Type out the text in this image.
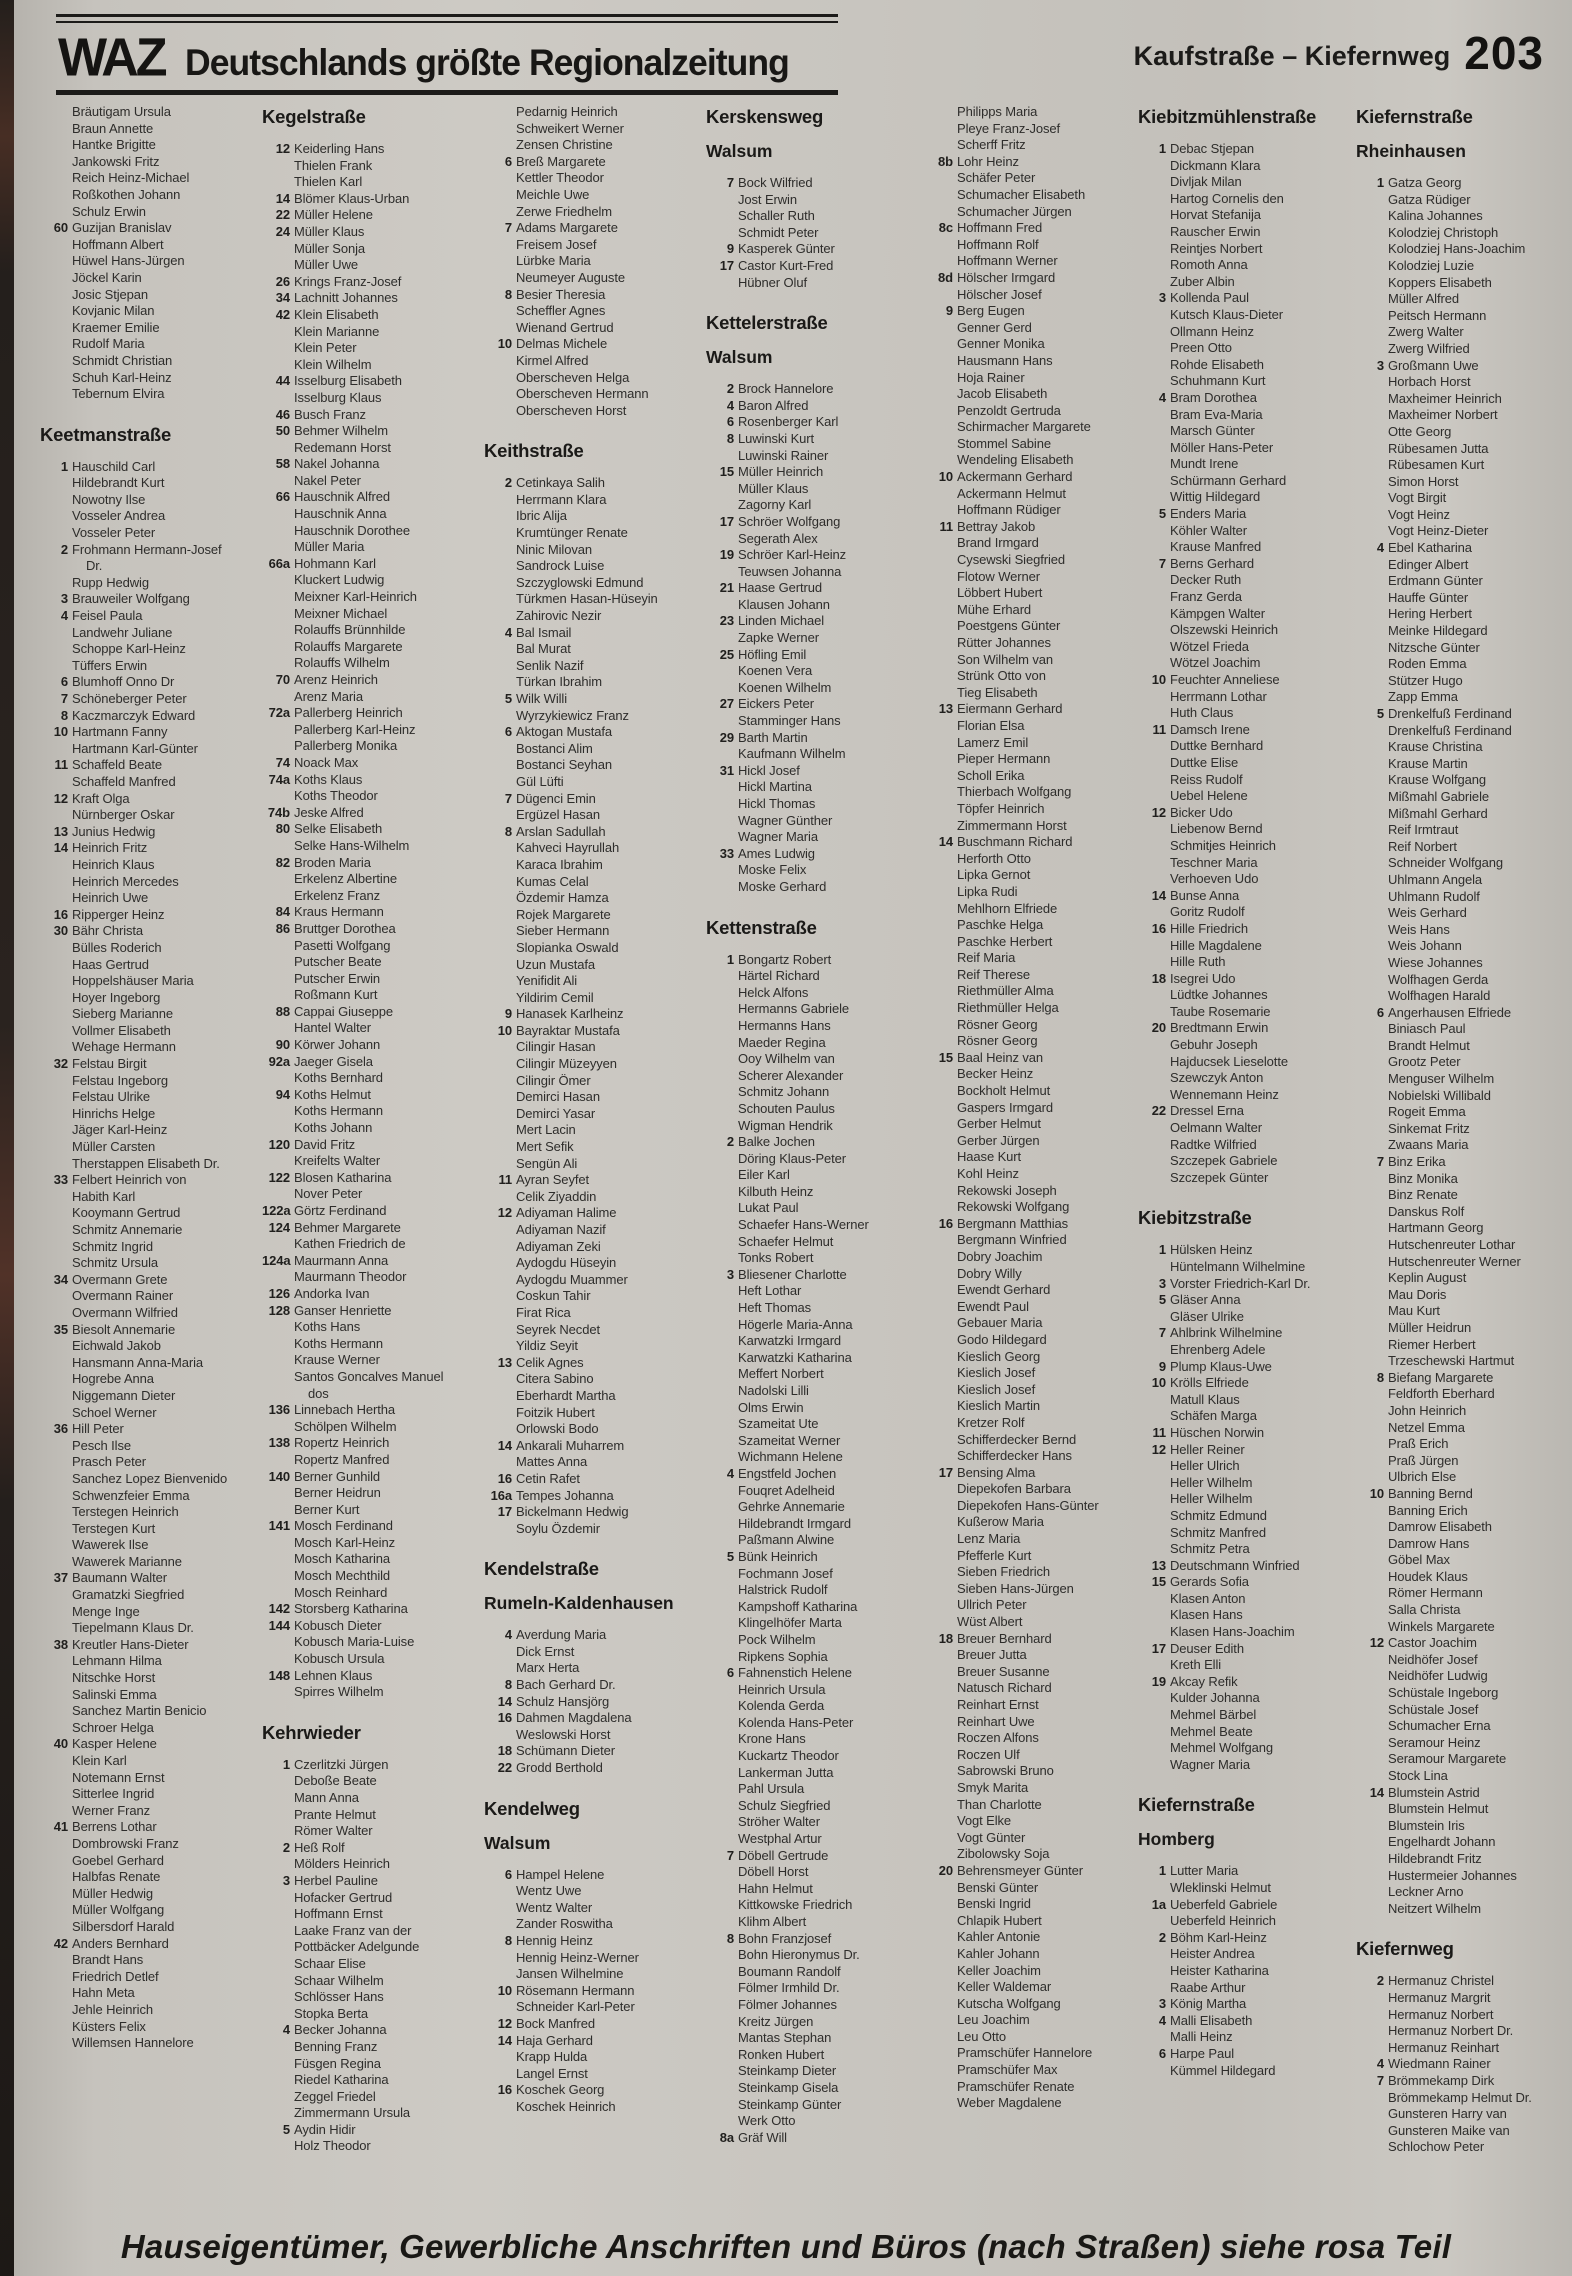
WAZ Deutschlands größte Regionalzeitung	Kaufstraße – Kiefernweg 203
Bräutigam Ursula
Braun Annette
Hantke Brigitte
Jankowski Fritz
Reich Heinz-Michael
Roßkothen Johann
Schulz Erwin
60 Guzijan Branislav
Hoffmann Albert
Hüwel Hans-Jürgen
Jöckel Karin
Josic Stjepan
Kovjanic Milan
Kraemer Emilie
Rudolf Maria
Schmidt Christian
Schuh Karl-Heinz
Tebernum Elvira
Keetmanstraße
1 Hauschild Carl
Hildebrandt Kurt
Nowotny Ilse
Vosseler Andrea
Vosseler Peter
2 Frohmann Hermann-Josef
Dr.
Rupp Hedwig
3 Brauweiler Wolfgang
4 Feisel Paula
Landwehr Juliane
Schoppe Karl-Heinz
Tüffers Erwin
6 Blumhoff Onno Dr
7 Schöneberger Peter
8 Kaczmarczyk Edward
10 Hartmann Fanny
Hartmann Karl-Günter
11 Schaffeld Beate
Schaffeld Manfred
12 Kraft Olga
Nürnberger Oskar
13 Junius Hedwig
14 Heinrich Fritz
Heinrich Klaus
Heinrich Mercedes
Heinrich Uwe
16 Ripperger Heinz
30 Bähr Christa
Bülles Roderich
Haas Gertrud
Hoppelshäuser Maria
Hoyer Ingeborg
Sieberg Marianne
Vollmer Elisabeth
Wehage Hermann
32 Felstau Birgit
Felstau Ingeborg
Felstau Ulrike
Hinrichs Helge
Jäger Karl-Heinz
Müller Carsten
Therstappen Elisabeth Dr.
33 Felbert Heinrich von
Habith Karl
Kooymann Gertrud
Schmitz Annemarie
Schmitz Ingrid
Schmitz Ursula
34 Overmann Grete
Overmann Rainer
Overmann Wilfried
35 Biesolt Annemarie
Eichwald Jakob
Hansmann Anna-Maria
Hogrebe Anna
Niggemann Dieter
Schoel Werner
36 Hill Peter
Pesch Ilse
Prasch Peter
Sanchez Lopez Bienvenido
Schwenzfeier Emma
Terstegen Heinrich
Terstegen Kurt
Wawerek Ilse
Wawerek Marianne
37 Baumann Walter
Gramatzki Siegfried
Menge Inge
Tiepelmann Klaus Dr.
38 Kreutler Hans-Dieter
Lehmann Hilma
Nitschke Horst
Salinski Emma
Sanchez Martin Benicio
Schroer Helga
40 Kasper Helene
Klein Karl
Notemann Ernst
Sitterlee Ingrid
Werner Franz
41 Berrens Lothar
Dombrowski Franz
Goebel Gerhard
Halbfas Renate
Müller Hedwig
Müller Wolfgang
Silbersdorf Harald
42 Anders Bernhard
Brandt Hans
Friedrich Detlef
Hahn Meta
Jehle Heinrich
Küsters Felix
Willemsen Hannelore
Kegelstraße
12 Keiderling Hans
Thielen Frank
Thielen Karl
14 Blömer Klaus-Urban
22 Müller Helene
24 Müller Klaus
Müller Sonja
Müller Uwe
26 Krings Franz-Josef
34 Lachnitt Johannes
42 Klein Elisabeth
Klein Marianne
Klein Peter
Klein Wilhelm
44 Isselburg Elisabeth
Isselburg Klaus
46 Busch Franz
50 Behmer Wilhelm
Redemann Horst
58 Nakel Johanna
Nakel Peter
66 Hauschnik Alfred
Hauschnik Anna
Hauschnik Dorothee
Müller Maria
66a Hohmann Karl
Kluckert Ludwig
Meixner Karl-Heinrich
Meixner Michael
Rolauffs Brünnhilde
Rolauffs Margarete
Rolauffs Wilhelm
70 Arenz Heinrich
Arenz Maria
72a Pallerberg Heinrich
Pallerberg Karl-Heinz
Pallerberg Monika
74 Noack Max
74a Koths Klaus
Koths Theodor
74b Jeske Alfred
80 Selke Elisabeth
Selke Hans-Wilhelm
82 Broden Maria
Erkelenz Albertine
Erkelenz Franz
84 Kraus Hermann
86 Bruttger Dorothea
Pasetti Wolfgang
Putscher Beate
Putscher Erwin
Roßmann Kurt
88 Cappai Giuseppe
Hantel Walter
90 Körwer Johann
92a Jaeger Gisela
Koths Bernhard
94 Koths Helmut
Koths Hermann
Koths Johann
120 David Fritz
Kreifelts Walter
122 Blosen Katharina
Nover Peter
122a Görtz Ferdinand
124 Behmer Margarete
Kathen Friedrich de
124a Maurmann Anna
Maurmann Theodor
126 Andorka Ivan
128 Ganser Henriette
Koths Hans
Koths Hermann
Krause Werner
Santos Goncalves Manuel
dos
136 Linnebach Hertha
Schölpen Wilhelm
138 Ropertz Heinrich
Ropertz Manfred
140 Berner Gunhild
Berner Heidrun
Berner Kurt
141 Mosch Ferdinand
Mosch Karl-Heinz
Mosch Katharina
Mosch Mechthild
Mosch Reinhard
142 Storsberg Katharina
144 Kobusch Dieter
Kobusch Maria-Luise
Kobusch Ursula
148 Lehnen Klaus
Spirres Wilhelm
Kehrwieder
1 Czerlitzki Jürgen
Deboße Beate
Mann Anna
Prante Helmut
Römer Walter
2 Heß Rolf
Mölders Heinrich
3 Herbel Pauline
Hofacker Gertrud
Hoffmann Ernst
Laake Franz van der
Pottbäcker Adelgunde
Schaar Elise
Schaar Wilhelm
Schlösser Hans
Stopka Berta
4 Becker Johanna
Benning Franz
Füsgen Regina
Riedel Katharina
Zeggel Friedel
Zimmermann Ursula
5 Aydin Hidir
Holz Theodor
Pedarnig Heinrich
Schweikert Werner
Zensen Christine
6 Breß Margarete
Kettler Theodor
Meichle Uwe
Zerwe Friedhelm
7 Adams Margarete
Freisem Josef
Lürbke Maria
Neumeyer Auguste
8 Besier Theresia
Scheffler Agnes
Wienand Gertrud
10 Delmas Michele
Kirmel Alfred
Oberscheven Helga
Oberscheven Hermann
Oberscheven Horst
Keithstraße
2 Cetinkaya Salih
Herrmann Klara
Ibric Alija
Krumtünger Renate
Ninic Milovan
Sandrock Luise
Szczyglowski Edmund
Türkmen Hasan-Hüseyin
Zahirovic Nezir
4 Bal Ismail
Bal Murat
Senlik Nazif
Türkan Ibrahim
5 Wilk Willi
Wyrzykiewicz Franz
6 Aktogan Mustafa
Bostanci Alim
Bostanci Seyhan
Gül Lüfti
7 Dügenci Emin
Ergüzel Hasan
8 Arslan Sadullah
Kahveci Hayrullah
Karaca Ibrahim
Kumas Celal
Özdemir Hamza
Rojek Margarete
Sieber Hermann
Slopianka Oswald
Uzun Mustafa
Yenifidit Ali
Yildirim Cemil
9 Hanasek Karlheinz
10 Bayraktar Mustafa
Cilingir Hasan
Cilingir Müzeyyen
Cilingir Ömer
Demirci Hasan
Demirci Yasar
Mert Lacin
Mert Sefik
Sengün Ali
11 Ayran Seyfet
Celik Ziyaddin
12 Adiyaman Halime
Adiyaman Nazif
Adiyaman Zeki
Aydogdu Hüseyin
Aydogdu Muammer
Coskun Tahir
Firat Rica
Seyrek Necdet
Yildiz Seyit
13 Celik Agnes
Citera Sabino
Eberhardt Martha
Foitzik Hubert
Orlowski Bodo
14 Ankarali Muharrem
Mattes Anna
16 Cetin Rafet
16a Tempes Johanna
17 Bickelmann Hedwig
Soylu Özdemir
Kendelstraße
Rumeln-Kaldenhausen
4 Averdung Maria
Dick Ernst
Marx Herta
8 Bach Gerhard Dr.
14 Schulz Hansjörg
16 Dahmen Magdalena
Weslowski Horst
18 Schümann Dieter
22 Grodd Berthold
Kendelweg
Walsum
6 Hampel Helene
Wentz Uwe
Wentz Walter
Zander Roswitha
8 Hennig Heinz
Hennig Heinz-Werner
Jansen Wilhelmine
10 Rösemann Hermann
Schneider Karl-Peter
12 Bock Manfred
14 Haja Gerhard
Krapp Hulda
Langel Ernst
16 Koschek Georg
Koschek Heinrich
Kerskensweg
Walsum
7 Bock Wilfried
Jost Erwin
Schaller Ruth
Schmidt Peter
9 Kasperek Günter
17 Castor Kurt-Fred
Hübner Oluf
Kettelerstraße
Walsum
2 Brock Hannelore
4 Baron Alfred
6 Rosenberger Karl
8 Luwinski Kurt
Luwinski Rainer
15 Müller Heinrich
Müller Klaus
Zagorny Karl
17 Schröer Wolfgang
Segerath Alex
19 Schröer Karl-Heinz
Teuwsen Johanna
21 Haase Gertrud
Klausen Johann
23 Linden Michael
Zapke Werner
25 Höfling Emil
Koenen Vera
Koenen Wilhelm
27 Eickers Peter
Stamminger Hans
29 Barth Martin
Kaufmann Wilhelm
31 Hickl Josef
Hickl Martina
Hickl Thomas
Wagner Günther
Wagner Maria
33 Ames Ludwig
Moske Felix
Moske Gerhard
Kettenstraße
1 Bongartz Robert
Härtel Richard
Helck Alfons
Hermanns Gabriele
Hermanns Hans
Maeder Regina
Ooy Wilhelm van
Scherer Alexander
Schmitz Johann
Schouten Paulus
Wigman Hendrik
2 Balke Jochen
Döring Klaus-Peter
Eiler Karl
Kilbuth Heinz
Lukat Paul
Schaefer Hans-Werner
Schaefer Helmut
Tonks Robert
3 Bliesener Charlotte
Heft Lothar
Heft Thomas
Högerle Maria-Anna
Karwatzki Irmgard
Karwatzki Katharina
Meffert Norbert
Nadolski Lilli
Olms Erwin
Szameitat Ute
Szameitat Werner
Wichmann Helene
4 Engstfeld Jochen
Fouqret Adelheid
Gehrke Annemarie
Hildebrandt Irmgard
Paßmann Alwine
5 Bünk Heinrich
Fochmann Josef
Halstrick Rudolf
Kampshoff Katharina
Klingelhöfer Marta
Pock Wilhelm
Ripkens Sophia
6 Fahnenstich Helene
Heinrich Ursula
Kolenda Gerda
Kolenda Hans-Peter
Krone Hans
Kuckartz Theodor
Lankerman Jutta
Pahl Ursula
Schulz Siegfried
Ströher Walter
Westphal Artur
7 Döbell Gertrude
Döbell Horst
Hahn Helmut
Kittkowske Friedrich
Klihm Albert
8 Bohn Franzjosef
Bohn Hieronymus Dr.
Boumann Randolf
Fölmer Irmhild Dr.
Fölmer Johannes
Kreitz Jürgen
Mantas Stephan
Ronken Hubert
Steinkamp Dieter
Steinkamp Gisela
Steinkamp Günter
Werk Otto
8a Gräf Will
Philipps Maria
Pleye Franz-Josef
Scherff Fritz
8b Lohr Heinz
Schäfer Peter
Schumacher Elisabeth
Schumacher Jürgen
8c Hoffmann Fred
Hoffmann Rolf
Hoffmann Werner
8d Hölscher Irmgard
Hölscher Josef
9 Berg Eugen
Genner Gerd
Genner Monika
Hausmann Hans
Hoja Rainer
Jacob Elisabeth
Penzoldt Gertruda
Schirmacher Margarete
Stommel Sabine
Wendeling Elisabeth
10 Ackermann Gerhard
Ackermann Helmut
Hoffmann Rüdiger
11 Bettray Jakob
Brand Irmgard
Cysewski Siegfried
Flotow Werner
Löbbert Hubert
Mühe Erhard
Poestgens Günter
Rütter Johannes
Son Wilhelm van
Strünk Otto von
Tieg Elisabeth
13 Eiermann Gerhard
Florian Elsa
Lamerz Emil
Pieper Hermann
Scholl Erika
Thierbach Wolfgang
Töpfer Heinrich
Zimmermann Horst
14 Buschmann Richard
Herforth Otto
Lipka Gernot
Lipka Rudi
Mehlhorn Elfriede
Paschke Helga
Paschke Herbert
Reif Maria
Reif Therese
Riethmüller Alma
Riethmüller Helga
Rösner Georg
Rösner Georg
15 Baal Heinz van
Becker Heinz
Bockholt Helmut
Gaspers Irmgard
Gerber Helmut
Gerber Jürgen
Haase Kurt
Kohl Heinz
Rekowski Joseph
Rekowski Wolfgang
16 Bergmann Matthias
Bergmann Winfried
Dobry Joachim
Dobry Willy
Ewendt Gerhard
Ewendt Paul
Gebauer Maria
Godo Hildegard
Kieslich Georg
Kieslich Josef
Kieslich Josef
Kieslich Martin
Kretzer Rolf
Schifferdecker Bernd
Schifferdecker Hans
17 Bensing Alma
Diepekofen Barbara
Diepekofen Hans-Günter
Kußerow Maria
Lenz Maria
Pfefferle Kurt
Sieben Friedrich
Sieben Hans-Jürgen
Ullrich Peter
Wüst Albert
18 Breuer Bernhard
Breuer Jutta
Breuer Susanne
Natusch Richard
Reinhart Ernst
Reinhart Uwe
Roczen Alfons
Roczen Ulf
Sabrowski Bruno
Smyk Marita
Than Charlotte
Vogt Elke
Vogt Günter
Zibolowsky Soja
20 Behrensmeyer Günter
Benski Günter
Benski Ingrid
Chlapik Hubert
Kahler Antonie
Kahler Johann
Keller Joachim
Keller Waldemar
Kutscha Wolfgang
Leu Joachim
Leu Otto
Pramschüfer Hannelore
Pramschüfer Max
Pramschüfer Renate
Weber Magdalene
Kiebitzmühlenstraße
1 Debac Stjepan
Dickmann Klara
Divljak Milan
Hartog Cornelis den
Horvat Stefanija
Rauscher Erwin
Reintjes Norbert
Romoth Anna
Zuber Albin
3 Kollenda Paul
Kutsch Klaus-Dieter
Ollmann Heinz
Preen Otto
Rohde Elisabeth
Schuhmann Kurt
4 Bram Dorothea
Bram Eva-Maria
Marsch Günter
Möller Hans-Peter
Mundt Irene
Schürmann Gerhard
Wittig Hildegard
5 Enders Maria
Köhler Walter
Krause Manfred
7 Berns Gerhard
Decker Ruth
Franz Gerda
Kämpgen Walter
Olszewski Heinrich
Wötzel Frieda
Wötzel Joachim
10 Feuchter Anneliese
Herrmann Lothar
Huth Claus
11 Damsch Irene
Duttke Bernhard
Duttke Elise
Reiss Rudolf
Uebel Helene
12 Bicker Udo
Liebenow Bernd
Schmitjes Heinrich
Teschner Maria
Verhoeven Udo
14 Bunse Anna
Goritz Rudolf
16 Hille Friedrich
Hille Magdalene
Hille Ruth
18 Isegrei Udo
Lüdtke Johannes
Taube Rosemarie
20 Bredtmann Erwin
Gebuhr Joseph
Hajducsek Lieselotte
Szewczyk Anton
Wennemann Heinz
22 Dressel Erna
Oelmann Walter
Radtke Wilfried
Szczepek Gabriele
Szczepek Günter
Kiebitzstraße
1 Hülsken Heinz
Hüntelmann Wilhelmine
3 Vorster Friedrich-Karl Dr.
5 Gläser Anna
Gläser Ulrike
7 Ahlbrink Wilhelmine
Ehrenberg Adele
9 Plump Klaus-Uwe
10 Krölls Elfriede
Matull Klaus
Schäfen Marga
11 Hüschen Norwin
12 Heller Reiner
Heller Ulrich
Heller Wilhelm
Heller Wilhelm
Schmitz Edmund
Schmitz Manfred
Schmitz Petra
13 Deutschmann Winfried
15 Gerards Sofia
Klasen Anton
Klasen Hans
Klasen Hans-Joachim
17 Deuser Edith
Kreth Elli
19 Akcay Refik
Kulder Johanna
Mehmel Bärbel
Mehmel Beate
Mehmel Wolfgang
Wagner Maria
Kiefernstraße
Homberg
1 Lutter Maria
Wleklinski Helmut
1a Ueberfeld Gabriele
Ueberfeld Heinrich
2 Böhm Karl-Heinz
Heister Andrea
Heister Katharina
Raabe Arthur
3 König Martha
4 Malli Elisabeth
Malli Heinz
6 Harpe Paul
Kümmel Hildegard
Kiefernstraße
Rheinhausen
1 Gatza Georg
Gatza Rüdiger
Kalina Johannes
Kolodziej Christoph
Kolodziej Hans-Joachim
Kolodziej Luzie
Koppers Elisabeth
Müller Alfred
Peitsch Hermann
Zwerg Walter
Zwerg Wilfried
3 Großmann Uwe
Horbach Horst
Maxheimer Heinrich
Maxheimer Norbert
Otte Georg
Rübesamen Jutta
Rübesamen Kurt
Simon Horst
Vogt Birgit
Vogt Heinz
Vogt Heinz-Dieter
4 Ebel Katharina
Edinger Albert
Erdmann Günter
Hauffe Günter
Hering Herbert
Meinke Hildegard
Nitzsche Günter
Roden Emma
Stützer Hugo
Zapp Emma
5 Drenkelfuß Ferdinand
Drenkelfuß Ferdinand
Krause Christina
Krause Martin
Krause Wolfgang
Mißmahl Gabriele
Mißmahl Gerhard
Reif Irmtraut
Reif Norbert
Schneider Wolfgang
Uhlmann Angela
Uhlmann Rudolf
Weis Gerhard
Weis Hans
Weis Johann
Wiese Johannes
Wolfhagen Gerda
Wolfhagen Harald
6 Angerhausen Elfriede
Biniasch Paul
Brandt Helmut
Grootz Peter
Menguser Wilhelm
Nobielski Willibald
Rogeit Emma
Sinkemat Fritz
Zwaans Maria
7 Binz Erika
Binz Monika
Binz Renate
Danskus Rolf
Hartmann Georg
Hutschenreuter Lothar
Hutschenreuter Werner
Keplin August
Mau Doris
Mau Kurt
Müller Heidrun
Riemer Herbert
Trzeschewski Hartmut
8 Biefang Margarete
Feldforth Eberhard
John Heinrich
Netzel Emma
Praß Erich
Praß Jürgen
Ulbrich Else
10 Banning Bernd
Banning Erich
Damrow Elisabeth
Damrow Hans
Göbel Max
Houdek Klaus
Römer Hermann
Salla Christa
Winkels Margarete
12 Castor Joachim
Neidhöfer Josef
Neidhöfer Ludwig
Schüstale Ingeborg
Schüstale Josef
Schumacher Erna
Seramour Heinz
Seramour Margarete
Stock Lina
14 Blumstein Astrid
Blumstein Helmut
Blumstein Iris
Engelhardt Johann
Hildebrandt Fritz
Hustermeier Johannes
Leckner Arno
Neitzert Wilhelm
Kiefernweg
2 Hermanuz Christel
Hermanuz Margrit
Hermanuz Norbert
Hermanuz Norbert Dr.
Hermanuz Reinhart
4 Wiedmann Rainer
7 Brömmekamp Dirk
Brömmekamp Helmut Dr.
Gunsteren Harry van
Gunsteren Maike van
Schlochow Peter
Hauseigentümer, Gewerbliche Anschriften und Büros (nach Straßen) siehe rosa Teil
